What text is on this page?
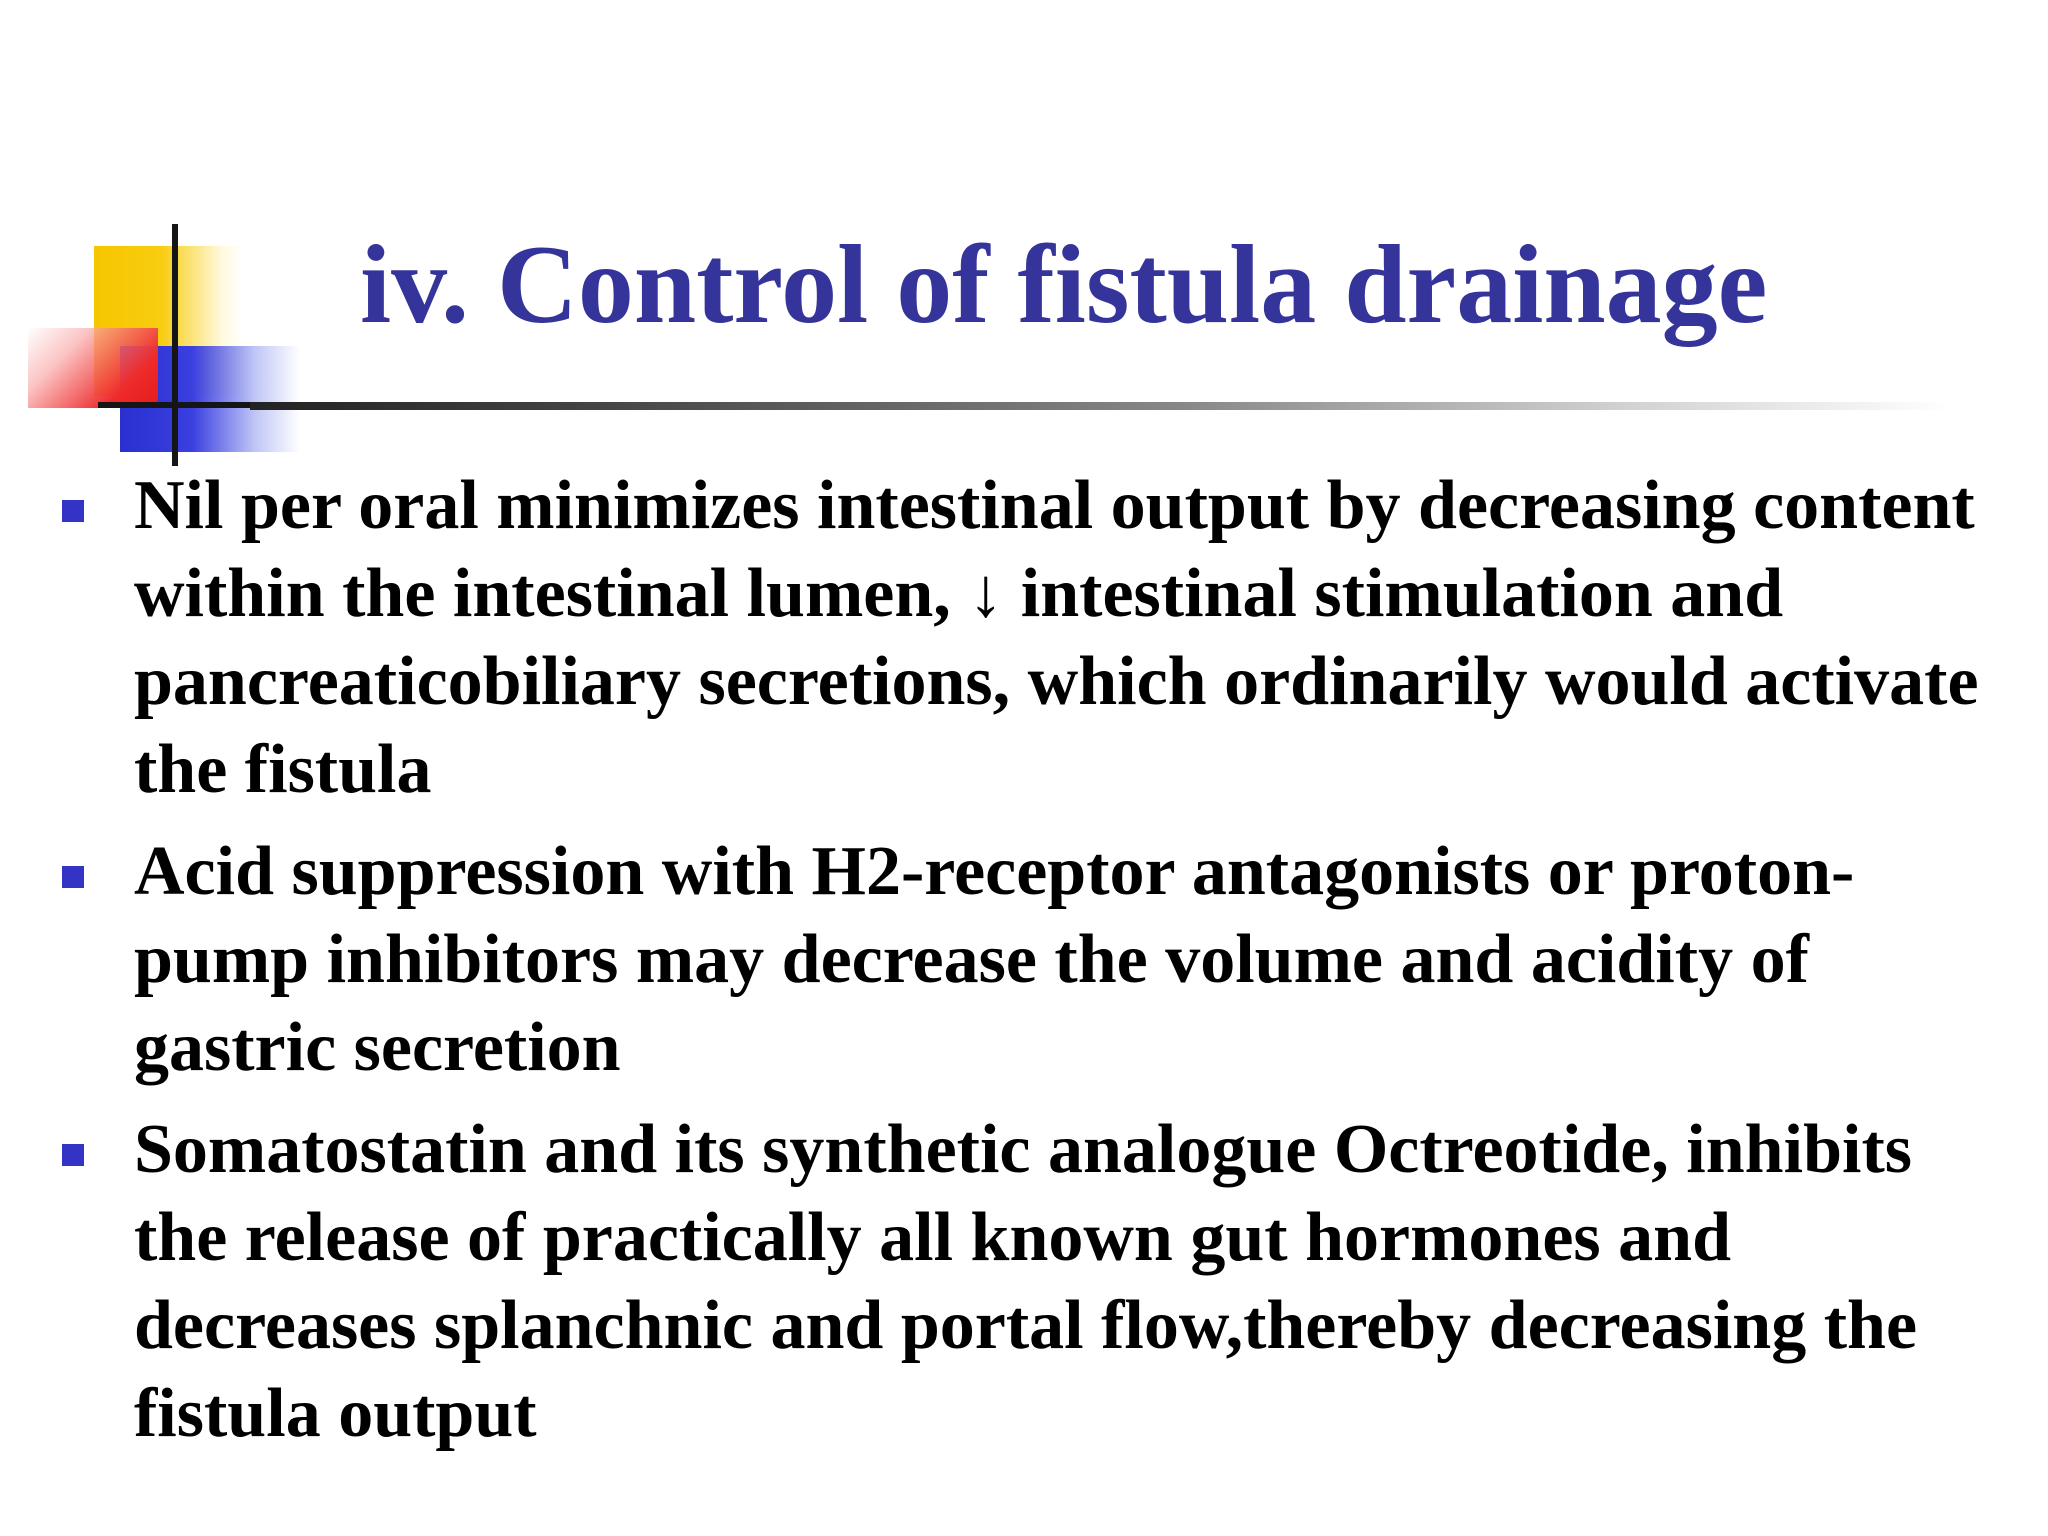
iv. Control of fistula drainage
Nil per oral minimizes intestinal output by decreasing content within the intestinal lumen, ↓ intestinal stimulation and pancreaticobiliary secretions, which ordinarily would activate the fistula
Acid suppression with H2-receptor antagonists or proton-pump inhibitors may decrease the volume and acidity of gastric secretion
Somatostatin and its synthetic analogue Octreotide, inhibits the release of practically all known gut hormones and decreases splanchnic and portal flow,thereby decreasing the fistula output
